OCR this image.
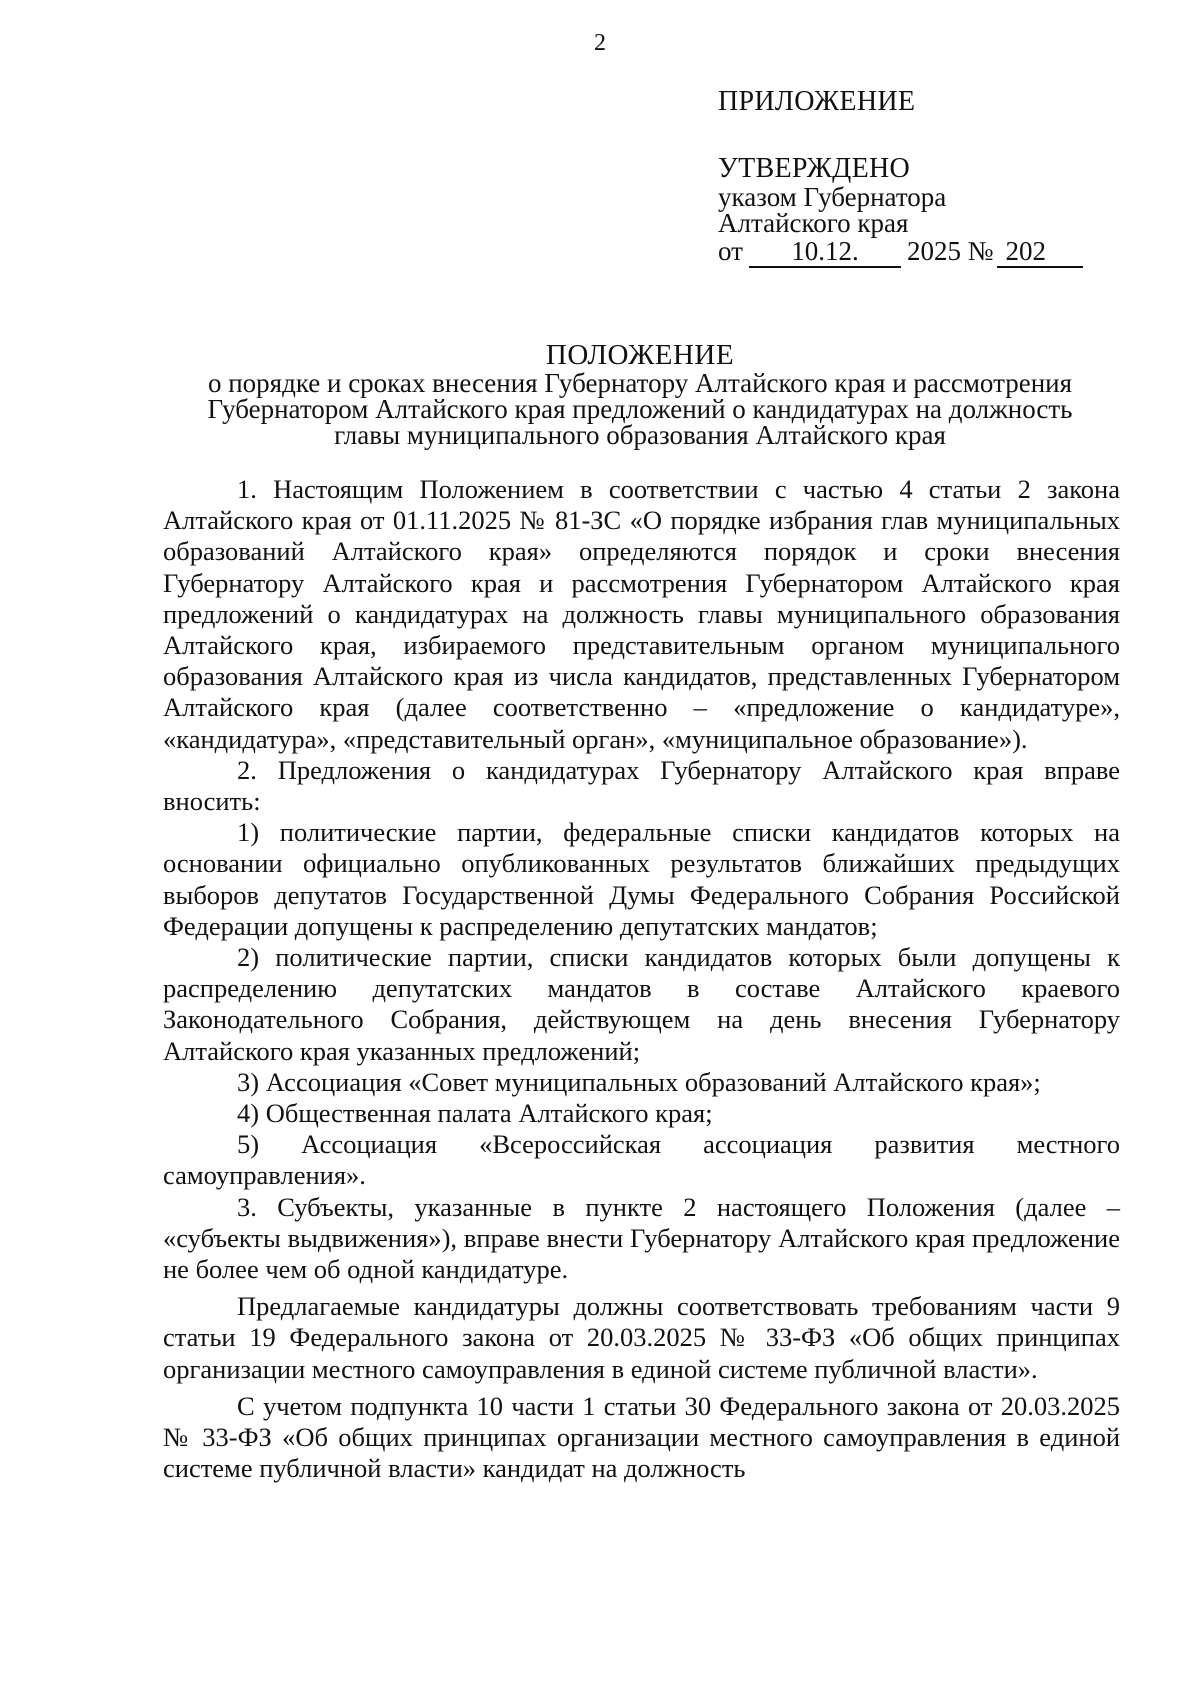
2
ПРИЛОЖЕНИЕ
УТВЕРЖДЕНО
указом Губернатора
Алтайского края
от 10.12. 2025 № 202
ПОЛОЖЕНИЕ
о порядке и сроках внесения Губернатору Алтайского края и рассмотрения
Губернатором Алтайского края предложений о кандидатурах на должность
главы муниципального образования Алтайского края

1. Настоящим Положением в соответствии с частью 4 статьи 2 закона Алтайского края от 01.11.2025 № 81-ЗС «О порядке избрания глав муниципальных образований Алтайского края» определяются порядок и сроки внесения Губернатору Алтайского края и рассмотрения Губернатором Алтайского края предложений о кандидатурах на должность главы муниципального образования Алтайского края, избираемого представительным органом муниципального образования Алтайского края из числа кандидатов, представленных Губернатором Алтайского края (далее соответственно – «предложение о кандидатуре», «кандидатура», «представительный орган», «муниципальное образование»).

2. Предложения о кандидатурах Губернатору Алтайского края вправе вносить:

1) политические партии, федеральные списки кандидатов которых на основании официально опубликованных результатов ближайших предыдущих выборов депутатов Государственной Думы Федерального Собрания Российской Федерации допущены к распределению депутатских мандатов;

2) политические партии, списки кандидатов которых были допущены к распределению депутатских мандатов в составе Алтайского краевого Законодательного Собрания, действующем на день внесения Губернатору Алтайского края указанных предложений;

3) Ассоциация «Совет муниципальных образований Алтайского края»;

4) Общественная палата Алтайского края;

5) Ассоциация «Всероссийская ассоциация развития местного самоуправления».

3. Субъекты, указанные в пункте 2 настоящего Положения (далее – «субъекты выдвижения»), вправе внести Губернатору Алтайского края предложение не более чем об одной кандидатуре.

Предлагаемые кандидатуры должны соответствовать требованиям части 9 статьи 19 Федерального закона от 20.03.2025 № 33-ФЗ «Об общих принципах организации местного самоуправления в единой системе публичной власти».

С учетом подпункта 10 части 1 статьи 30 Федерального закона от 20.03.2025 № 33-ФЗ «Об общих принципах организации местного самоуправления в единой системе публичной власти» кандидат на должность
